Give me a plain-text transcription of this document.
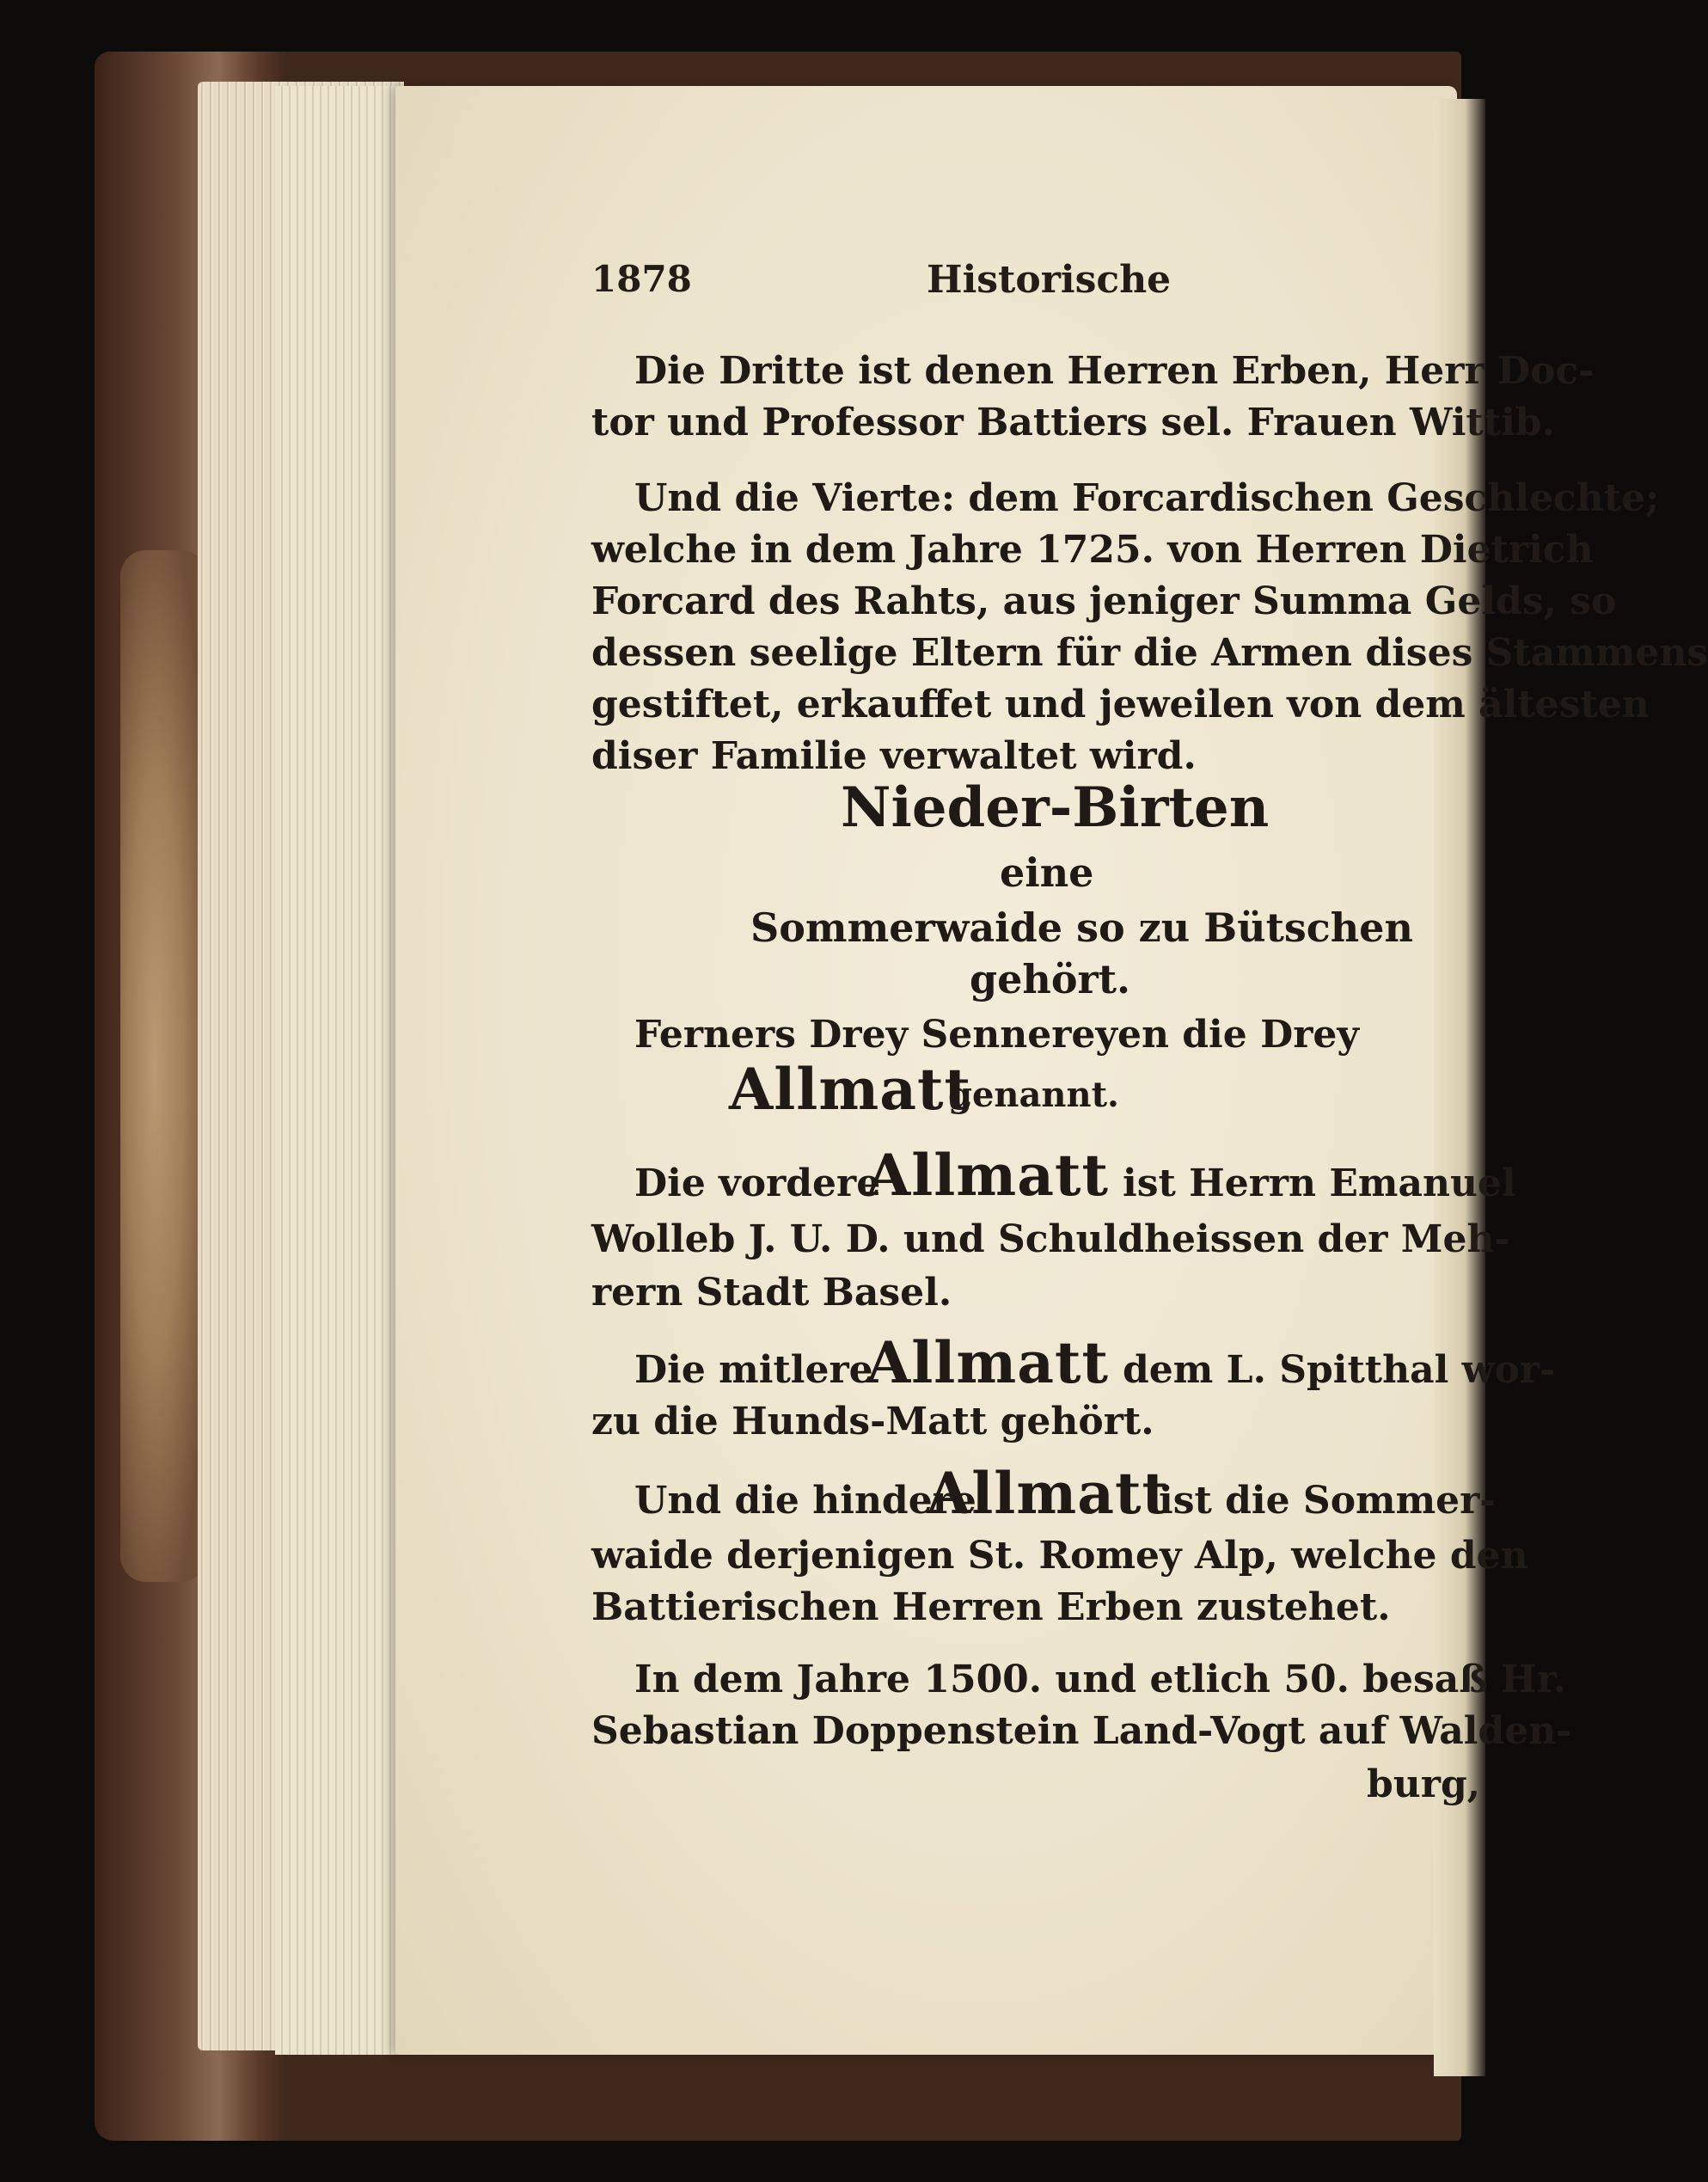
1878	Historische
Die Dritte ist denen Herren Erben, Herr Doc-
tor und Professor Battiers sel. Frauen Wittib.
Und die Vierte: dem Forcardischen Geschlechte;
welche in dem Jahre 1725. von Herren Dietrich
Forcard des Rahts, aus jeniger Summa Gelds, so
dessen seelige Eltern für die Armen dises Stammens
gestiftet, erkauffet und jeweilen von dem ältesten
diser Familie verwaltet wird.
Nieder-Birten
eine
Sommerwaide so zu Bütschen
gehört.
Ferners Drey Sennereyen die Drey
Allmatt
genannt.
Die vordere
Allmatt ist Herrn Emanuel
Wolleb J. U. D. und Schuldheissen der Meh-
rern Stadt Basel.
Die mitlere
Allmatt dem L. Spitthal wor-
zu die Hunds-Matt gehört.
Und die hindere
Allmatt
ist die Sommer-
waide derjenigen St. Romey Alp, welche den
Battierischen Herren Erben zustehet.
In dem Jahre 1500. und etlich 50. besaß Hr.
Sebastian Doppenstein Land-Vogt auf Walden-
burg,
